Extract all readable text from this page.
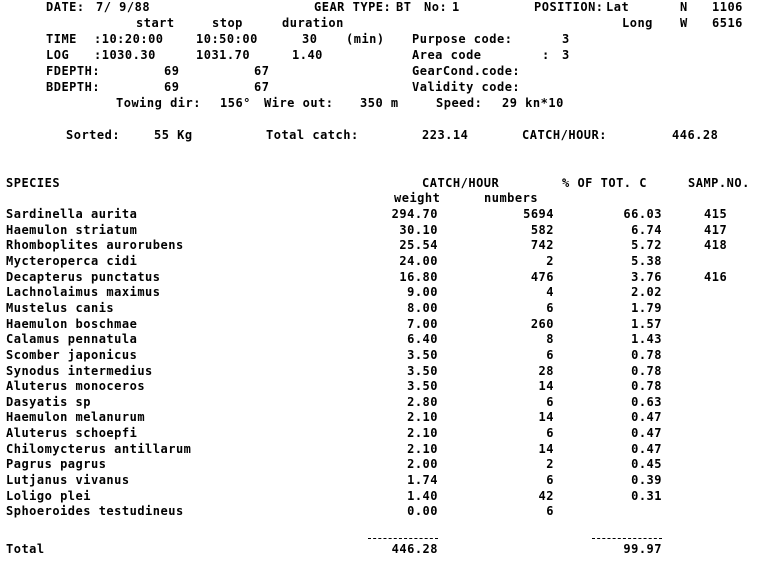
DATE: 7/ 9/88	GEAR TYPE: BT No: 1	POSITION: Lat	N 1106
start	stop	duration	Long W 6516
TIME :10:20:00	10:50:00	30 (min) Purpose code:	3
LOG :1030.30	1031.70	1.40	Area code	: 3
FDEPTH:	69	67	GearCond.code:
BDEPTH:	69	67	Validity code:
Towing dir: 156° Wire out: 350 m	Speed: 29 kn*10
Sorted:	55 Kg	Total catch:	223.14	CATCH/HOUR:	446.28
SPECIES	CATCH/HOUR	% OF TOT. C	SAMP.NO.
weight	numbers
Sardinella aurita	294.70	5694	66.03	415
Haemulon striatum	30.10	582	6.74	417
Rhomboplites aurorubens	25.54	742	5.72	418
Mycteroperca cidi	24.00	2	5.38
Decapterus punctatus	16.80	476	3.76	416
Lachnolaimus maximus	9.00	4	2.02
Mustelus canis	8.00	6	1.79
Haemulon boschmae	7.00	260	1.57
Calamus pennatula	6.40	8	1.43
Scomber japonicus	3.50	6	0.78
Synodus intermedius	3.50	28	0.78
Aluterus monoceros	3.50	14	0.78
Dasyatis sp	2.80	6	0.63
Haemulon melanurum	2.10	14	0.47
Aluterus schoepfi	2.10	6	0.47
Chilomycterus antillarum	2.10	14	0.47
Pagrus pagrus	2.00	2	0.45
Lutjanus vivanus	1.74	6	0.39
Loligo plei	1.40	42	0.31
Sphoeroides testudineus	0.00	6
Total	446.28	99.97
